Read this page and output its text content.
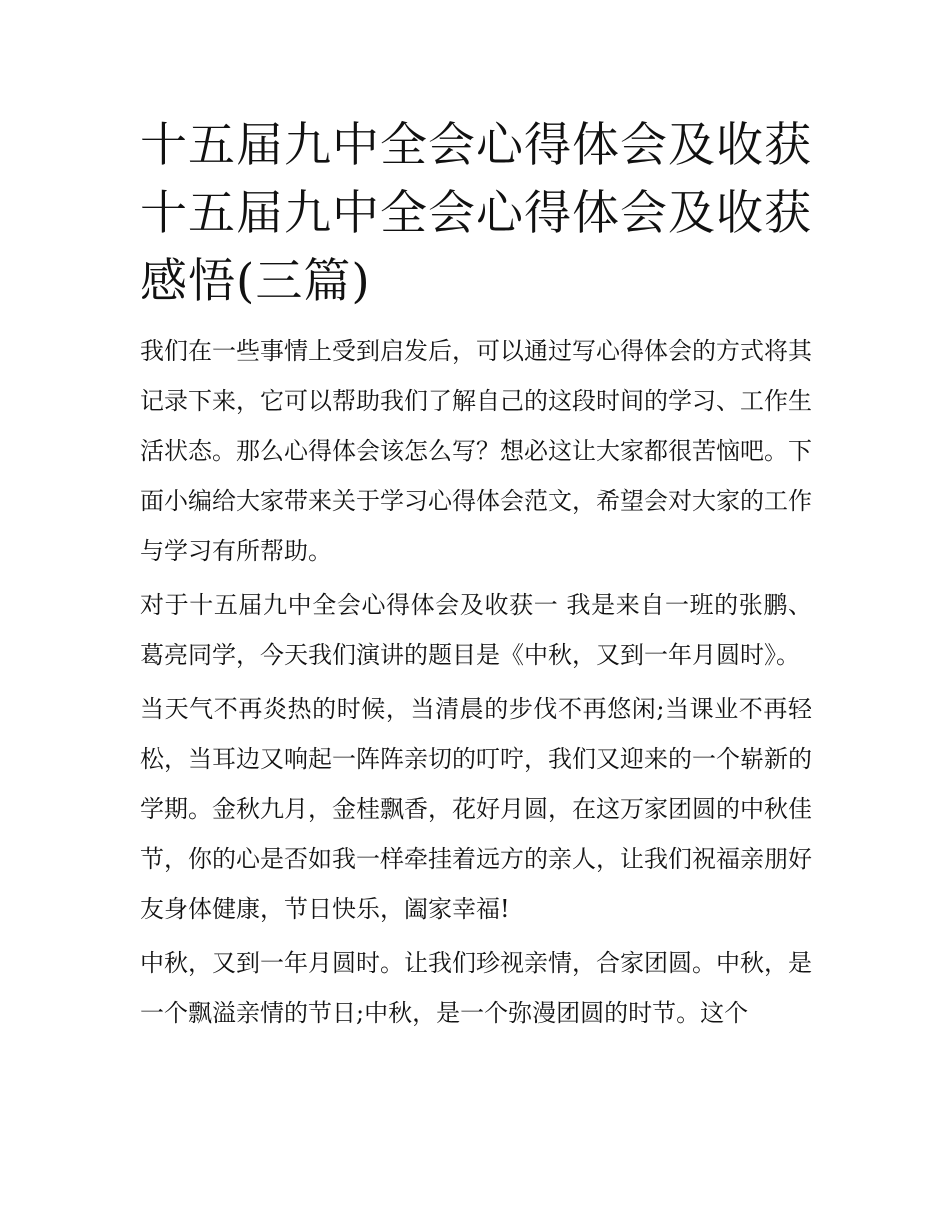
十五届九中全会心得体会及收获 十五届九中全会心得体会及收获感悟(三篇)

我们在一些事情上受到启发后，可以通过写心得体会的方式将其记录下来，它可以帮助我们了解自己的这段时间的学习、工作生活状态。那么心得体会该怎么写？想必这让大家都很苦恼吧。下面小编给大家带来关于学习心得体会范文，希望会对大家的工作与学习有所帮助。

对于十五届九中全会心得体会及收获一 我是来自一班的张鹏、葛亮同学，今天我们演讲的题目是《中秋，又到一年月圆时》。

当天气不再炎热的时候，当清晨的步伐不再悠闲;当课业不再轻松，当耳边又响起一阵阵亲切的叮咛，我们又迎来的一个崭新的学期。金秋九月，金桂飘香，花好月圆，在这万家团圆的中秋佳节，你的心是否如我一样牵挂着远方的亲人，让我们祝福亲朋好友身体健康，节日快乐，阖家幸福!

中秋，又到一年月圆时。让我们珍视亲情，合家团圆。中秋，是一个飘溢亲情的节日;中秋，是一个弥漫团圆的时节。这个
